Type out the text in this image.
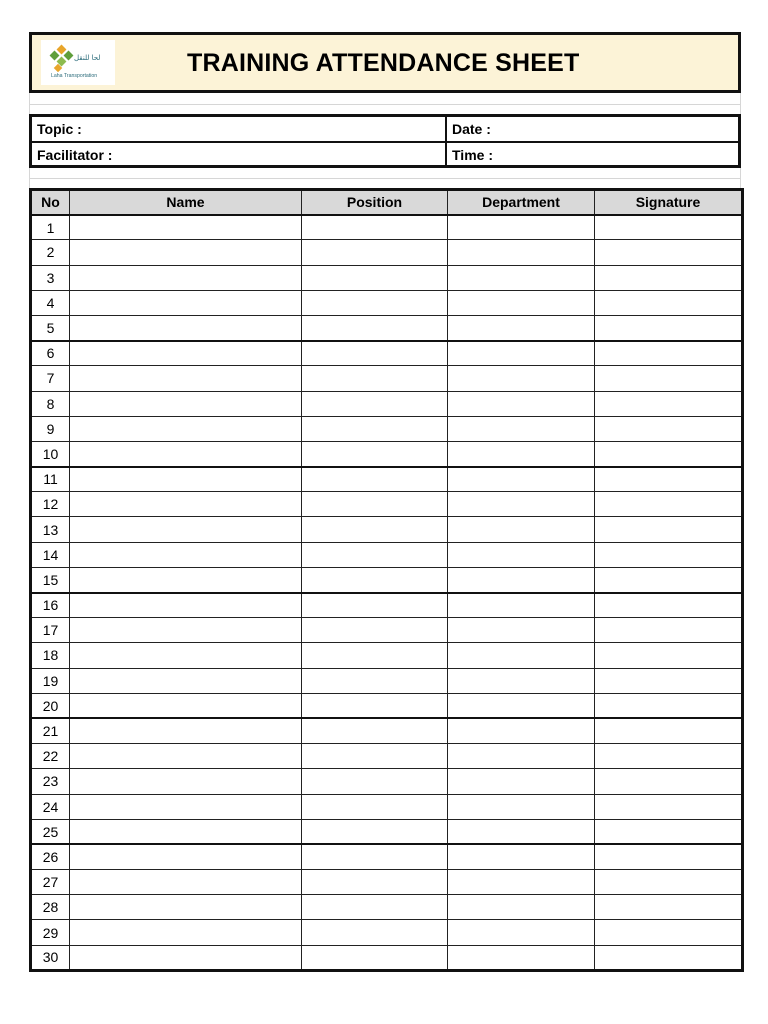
لحا للنقل
Laha Transportation	TRAINING ATTENDANCE SHEET
Topic :	Date :
Facilitator :	Time :
No	Name	Position	Department	Signature
1				
2				
3				
4				
5				
6				
7				
8				
9				
10				
11				
12				
13				
14				
15				
16				
17				
18				
19				
20				
21				
22				
23				
24				
25				
26				
27				
28				
29				
30				
